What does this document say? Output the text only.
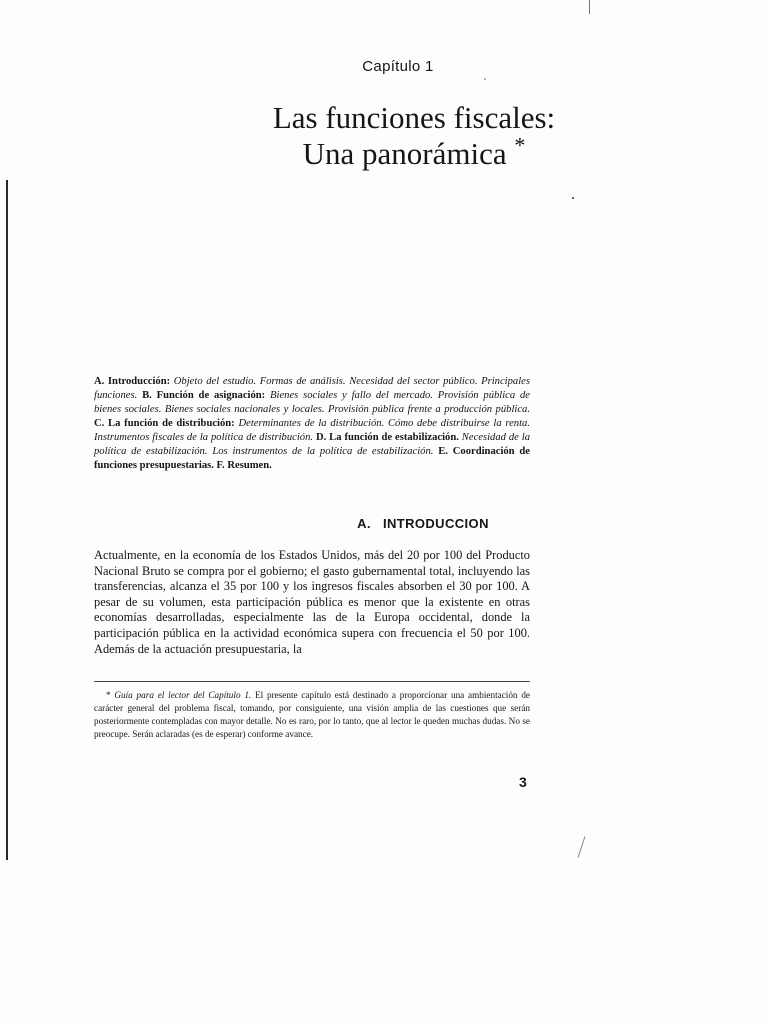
Capítulo 1
Las funciones fiscales:
Una panorámica *
A. Introducción: Objeto del estudio. Formas de análisis. Necesidad del sector público. Principales funciones. B. Función de asignación: Bienes sociales y fallo del mercado. Provisión pública de bienes sociales. Bienes sociales nacionales y locales. Provisión pública frente a producción pública. C. La función de distribución: Determinantes de la distribución. Cómo debe distribuirse la renta. Instrumentos fiscales de la política de distribución. D. La función de estabilización. Necesidad de la política de estabilización. Los instrumentos de la política de estabilización. E. Coordinación de funciones presupuestarias. F. Resumen.
A. INTRODUCCION
Actualmente, en la economía de los Estados Unidos, más del 20 por 100 del Producto Nacional Bruto se compra por el gobierno; el gasto gubernamental total, incluyendo las transferencias, alcanza el 35 por 100 y los ingresos fiscales absorben el 30 por 100. A pesar de su volumen, esta participación pública es menor que la existente en otras economías desarrolladas, especialmente las de la Europa occidental, donde la participación pública en la actividad económica supera con frecuencia el 50 por 100. Además de la actuación presupuestaria, la
* Guía para el lector del Capítulo 1. El presente capítulo está destinado a proporcionar una ambientación de carácter general del problema fiscal, tomando, por consiguiente, una visión amplia de las cuestiones que serán posteriormente contempladas con mayor detalle. No es raro, por lo tanto, que al lector le queden muchas dudas. No se preocupe. Serán aclaradas (es de esperar) conforme avance.
3
